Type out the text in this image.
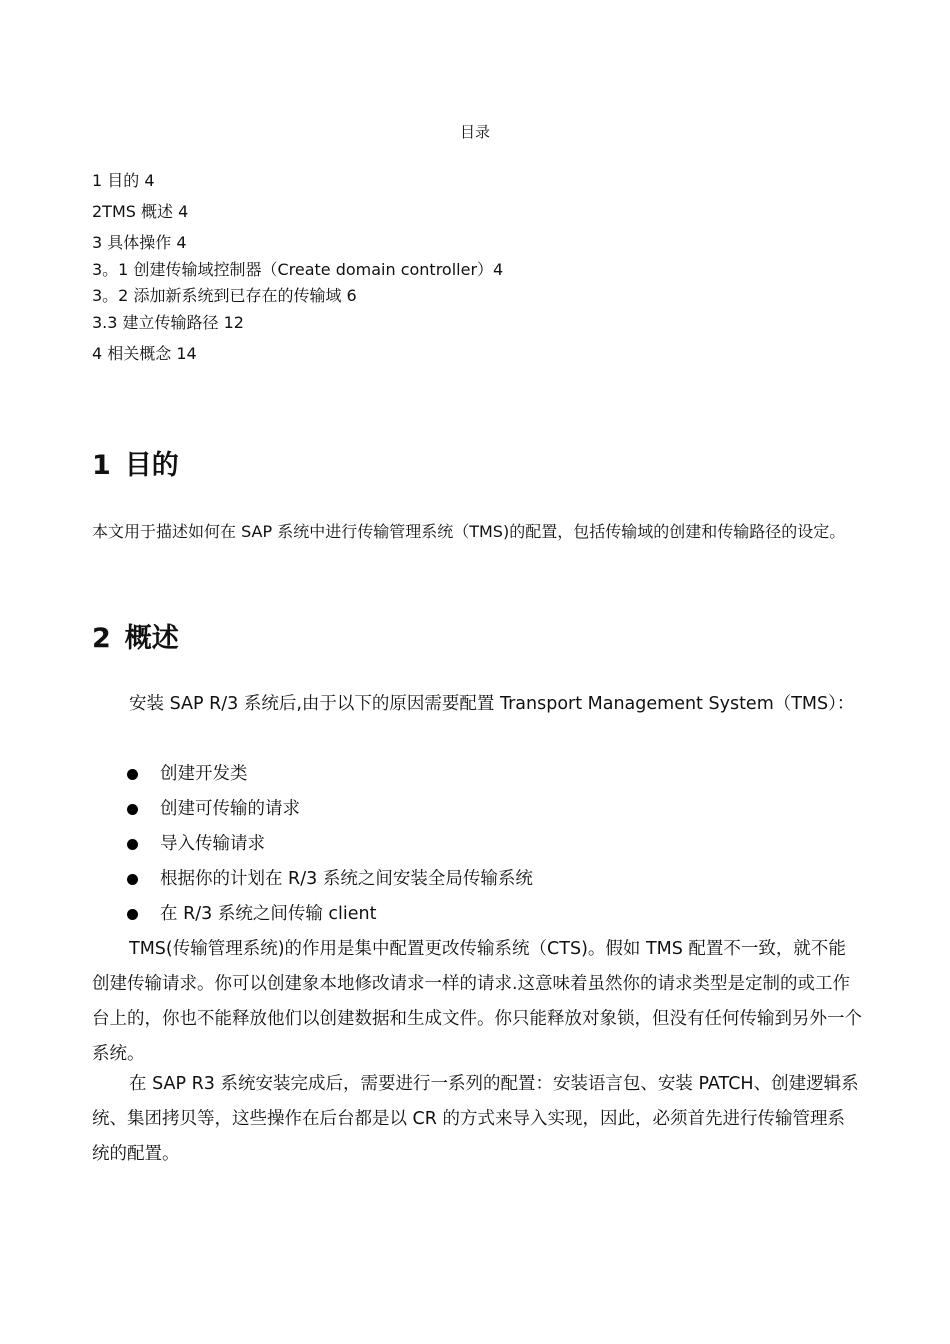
目录
1 目的 4
2TMS 概述 4
3 具体操作 4
3。1 创建传输域控制器（Create domain controller）4
3。2 添加新系统到已存在的传输域 6
3.3 建立传输路径 12
4 相关概念 14
1 目的
本文用于描述如何在 SAP 系统中进行传输管理系统（TMS)的配置，包括传输域的创建和传输路径的设定。
2 概述
安装 SAP R/3 系统后,由于以下的原因需要配置 Transport Management System（TMS）：
创建开发类
创建可传输的请求
导入传输请求
根据你的计划在 R/3 系统之间安装全局传输系统
在 R/3 系统之间传输 client
TMS(传输管理系统)的作用是集中配置更改传输系统（CTS)。假如 TMS 配置不一致，就不能创建传输请求。你可以创建象本地修改请求一样的请求.这意味着虽然你的请求类型是定制的或工作台上的，你也不能释放他们以创建数据和生成文件。你只能释放对象锁，但没有任何传输到另外一个系统。
在 SAP R3 系统安装完成后，需要进行一系列的配置：安装语言包、安装 PATCH、创建逻辑系统、集团拷贝等，这些操作在后台都是以 CR 的方式来导入实现，因此，必须首先进行传输管理系统的配置。
